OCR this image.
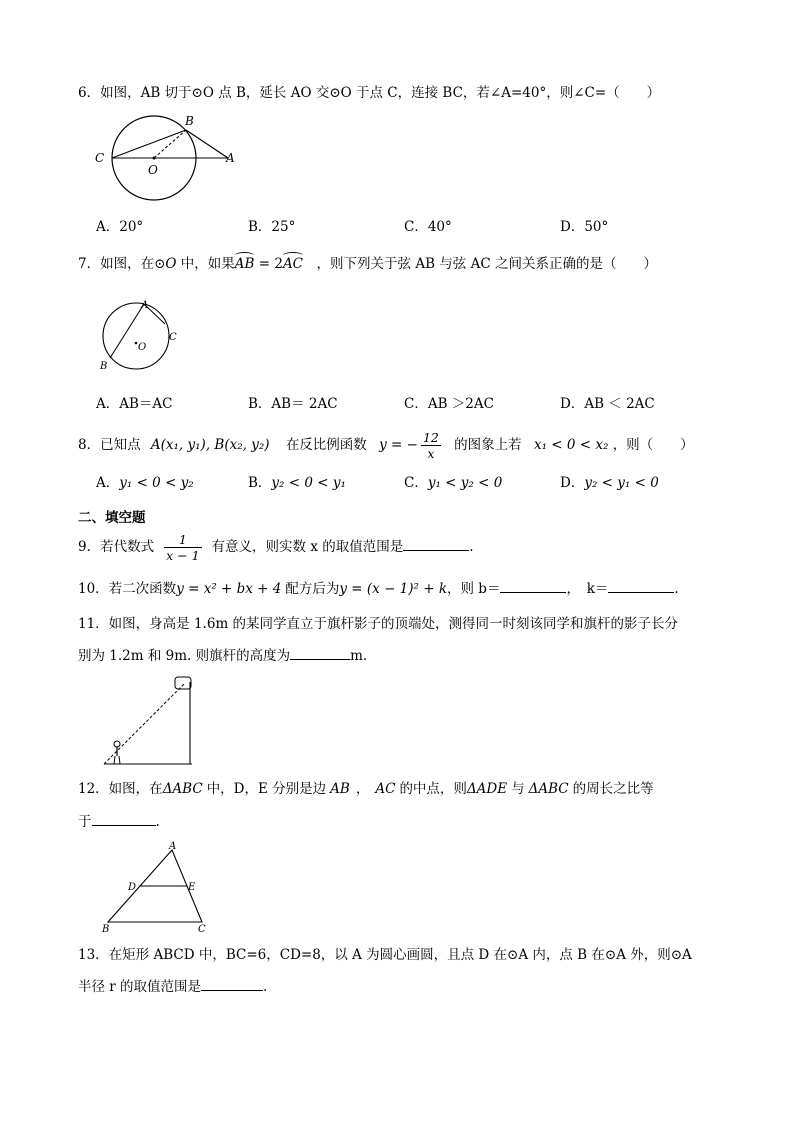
6．如图，AB 切于⊙O 点 B，延长 AO 交⊙O 于点 C，连接 BC，若∠A=40°，则∠C=（　　）
B
C
O
A
A．20°	B．25°	C．40°	D．50°
7．如图，在⊙O 中，如果AB = 2AC　，则下列关于弦 AB 与弦 AC 之间关系正确的是（　　）
A
C
O
B
A．AB＝AC	B．AB＝ 2AC	C．AB ＞2AC	D．AB ＜ 2AC
8．已知点 A(x₁, y₁), B(x₂, y₂) 在反比例函数 y = − $\frac{12}{x}$ 的图象上若 x₁ < 0 < x₂ ，则（　　）
A．y₁ < 0 < y₂	B．y₂ < 0 < y₁	C．y₁ < y₂ < 0	D．y₂ < y₁ < 0
二、填空题
9．若代数式 $\frac{1}{x - 1}$ 有意义，则实数 x 的取值范围是	.
10．若二次函数y = x² + bx + 4 配方后为y = (x − 1)² + k，则 b＝	，　k＝	.
11．如图，身高是 1.6m 的某同学直立于旗杆影子的顶端处，测得同一时刻该同学和旗杆的影子长分
别为 1.2m 和 9m. 则旗杆的高度为	m.
12．如图，在ΔABC 中，D，E 分别是边 AB ， AC 的中点，则ΔADE 与 ΔABC 的周长之比等
于	.
A
D	E
B	C
13．在矩形 ABCD 中，BC=6，CD=8，以 A 为圆心画圆，且点 D 在⊙A 内，点 B 在⊙A 外，则⊙A
半径 r 的取值范围是	.
